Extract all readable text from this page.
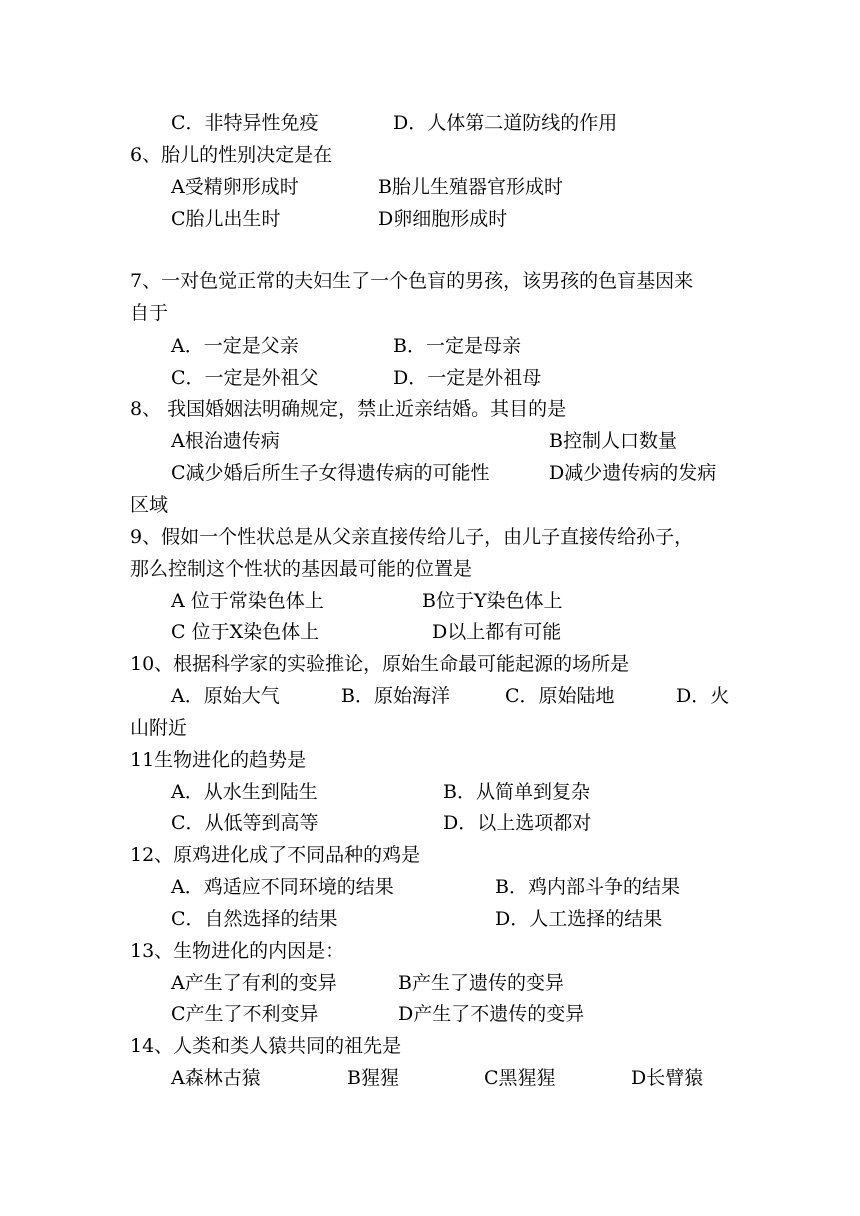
C．非特异性免疫	D．人体第二道防线的作用
6、胎儿的性别决定是在
A受精卵形成时	B胎儿生殖器官形成时
C胎儿出生时	D卵细胞形成时
7、一对色觉正常的夫妇生了一个色盲的男孩，该男孩的色盲基因来
自于
A．一定是父亲	B．一定是母亲
C．一定是外祖父	D．一定是外祖母
8、 我国婚姻法明确规定，禁止近亲结婚。其目的是
A根治遗传病	B控制人口数量
C减少婚后所生子女得遗传病的可能性	D减少遗传病的发病
区域
9、假如一个性状总是从父亲直接传给儿子，由儿子直接传给孙子，
那么控制这个性状的基因最可能的位置是
A 位于常染色体上	B位于Y染色体上
C 位于X染色体上	D以上都有可能
10、根据科学家的实验推论，原始生命最可能起源的场所是
A．原始大气	B．原始海洋	C．原始陆地	D．火
山附近
11生物进化的趋势是
A．从水生到陆生	B．从简单到复杂
C．从低等到高等	D．以上选项都对
12、原鸡进化成了不同品种的鸡是
A．鸡适应不同环境的结果	B．鸡内部斗争的结果
C．自然选择的结果	D．人工选择的结果
13、生物进化的内因是：
A产生了有利的变异	B产生了遗传的变异
C产生了不利变异	D产生了不遗传的变异
14、人类和类人猿共同的祖先是
A森林古猿	B猩猩	C黑猩猩	D长臂猿
